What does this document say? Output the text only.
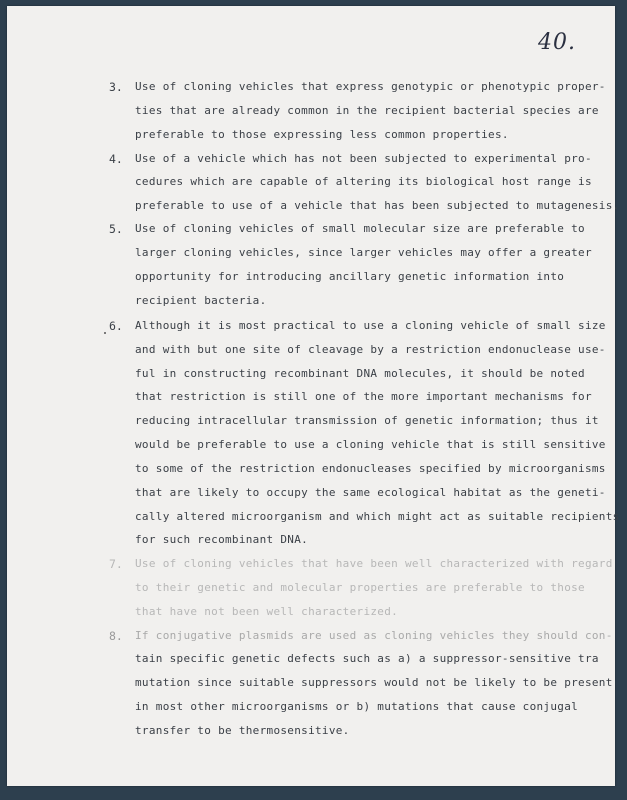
40.
3. Use of cloning vehicles that express genotypic or phenotypic proper-
ties that are already common in the recipient bacterial species are
preferable to those expressing less common properties.
4. Use of a vehicle which has not been subjected to experimental pro-
cedures which are capable of altering its biological host range is
preferable to use of a vehicle that has been subjected to mutagenesis.
5. Use of cloning vehicles of small molecular size are preferable to
larger cloning vehicles, since larger vehicles may offer a greater
opportunity for introducing ancillary genetic information into
recipient bacteria.
6. Although it is most practical to use a cloning vehicle of small size
and with but one site of cleavage by a restriction endonuclease use-
ful in constructing recombinant DNA molecules, it should be noted
that restriction is still one of the more important mechanisms for
reducing intracellular transmission of genetic information; thus it
would be preferable to use a cloning vehicle that is still sensitive
to some of the restriction endonucleases specified by microorganisms
that are likely to occupy the same ecological habitat as the geneti-
cally altered microorganism and which might act as suitable recipients
for such recombinant DNA.
7. Use of cloning vehicles that have been well characterized with regard
to their genetic and molecular properties are preferable to those
that have not been well characterized.
8. If conjugative plasmids are used as cloning vehicles they should con-
tain specific genetic defects such as a) a suppressor-sensitive tra
mutation since suitable suppressors would not be likely to be present
in most other microorganisms or b) mutations that cause conjugal
transfer to be thermosensitive.
